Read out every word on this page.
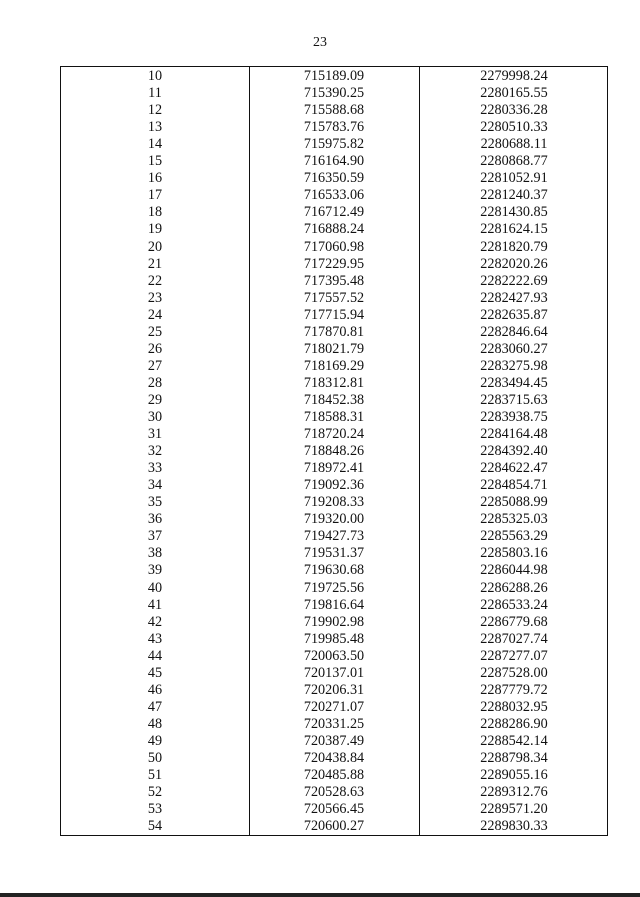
23
10	715189.09	2279998.24
11	715390.25	2280165.55
12	715588.68	2280336.28
13	715783.76	2280510.33
14	715975.82	2280688.11
15	716164.90	2280868.77
16	716350.59	2281052.91
17	716533.06	2281240.37
18	716712.49	2281430.85
19	716888.24	2281624.15
20	717060.98	2281820.79
21	717229.95	2282020.26
22	717395.48	2282222.69
23	717557.52	2282427.93
24	717715.94	2282635.87
25	717870.81	2282846.64
26	718021.79	2283060.27
27	718169.29	2283275.98
28	718312.81	2283494.45
29	718452.38	2283715.63
30	718588.31	2283938.75
31	718720.24	2284164.48
32	718848.26	2284392.40
33	718972.41	2284622.47
34	719092.36	2284854.71
35	719208.33	2285088.99
36	719320.00	2285325.03
37	719427.73	2285563.29
38	719531.37	2285803.16
39	719630.68	2286044.98
40	719725.56	2286288.26
41	719816.64	2286533.24
42	719902.98	2286779.68
43	719985.48	2287027.74
44	720063.50	2287277.07
45	720137.01	2287528.00
46	720206.31	2287779.72
47	720271.07	2288032.95
48	720331.25	2288286.90
49	720387.49	2288542.14
50	720438.84	2288798.34
51	720485.88	2289055.16
52	720528.63	2289312.76
53	720566.45	2289571.20
54	720600.27	2289830.33
